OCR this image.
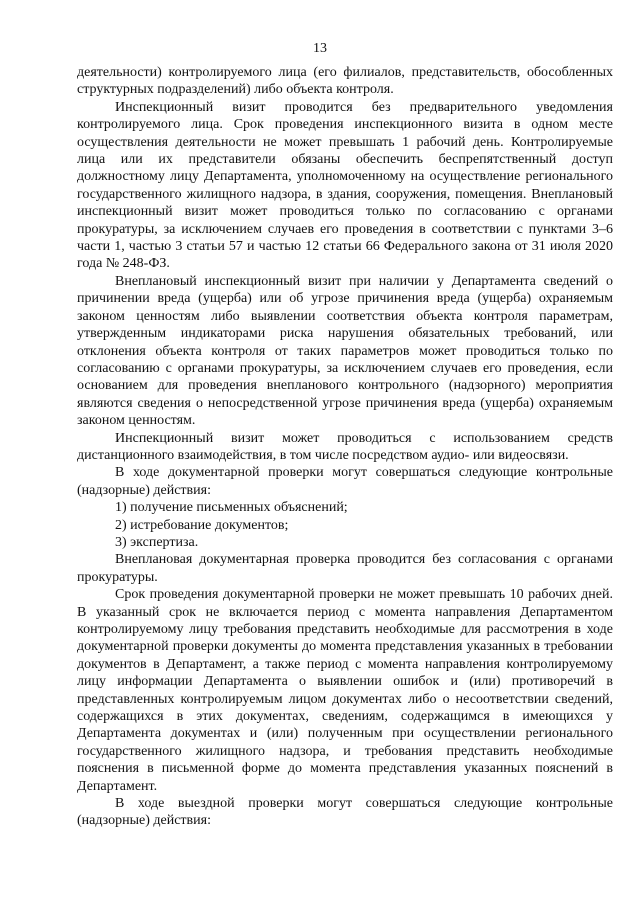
13

деятельности) контролируемого лица (его филиалов, представительств, обособленных структурных подразделений) либо объекта контроля.

Инспекционный визит проводится без предварительного уведомления контролируемого лица. Срок проведения инспекционного визита в одном месте осуществления деятельности не может превышать 1 рабочий день. Контролируемые лица или их представители обязаны обеспечить беспрепятственный доступ должностному лицу Департамента, уполномоченному на осуществление регионального государственного жилищного надзора, в здания, сооружения, помещения. Внеплановый инспекционный визит может проводиться только по согласованию с органами прокуратуры, за исключением случаев его проведения в соответствии с пунктами 3–6 части 1, частью 3 статьи 57 и частью 12 статьи 66 Федерального закона от 31 июля 2020 года № 248-ФЗ.

Внеплановый инспекционный визит при наличии у Департамента сведений о причинении вреда (ущерба) или об угрозе причинения вреда (ущерба) охраняемым законом ценностям либо выявлении соответствия объекта контроля параметрам, утвержденным индикаторами риска нарушения обязательных требований, или отклонения объекта контроля от таких параметров может проводиться только по согласованию с органами прокуратуры, за исключением случаев его проведения, если основанием для проведения внепланового контрольного (надзорного) мероприятия являются сведения о непосредственной угрозе причинения вреда (ущерба) охраняемым законом ценностям.

Инспекционный визит может проводиться с использованием средств дистанционного взаимодействия, в том числе посредством аудио- или видеосвязи.

В ходе документарной проверки могут совершаться следующие контрольные (надзорные) действия:

1) получение письменных объяснений;

2) истребование документов;

3) экспертиза.

Внеплановая документарная проверка проводится без согласования с органами прокуратуры.

Срок проведения документарной проверки не может превышать 10 рабочих дней. В указанный срок не включается период с момента направления Департаментом контролируемому лицу требования представить необходимые для рассмотрения в ходе документарной проверки документы до момента представления указанных в требовании документов в Департамент, а также период с момента направления контролируемому лицу информации Департамента о выявлении ошибок и (или) противоречий в представленных контролируемым лицом документах либо о несоответствии сведений, содержащихся в этих документах, сведениям, содержащимся в имеющихся у Департамента документах и (или) полученным при осуществлении регионального государственного жилищного надзора, и требования представить необходимые пояснения в письменной форме до момента представления указанных пояснений в Департамент.

В ходе выездной проверки могут совершаться следующие контрольные (надзорные) действия:
